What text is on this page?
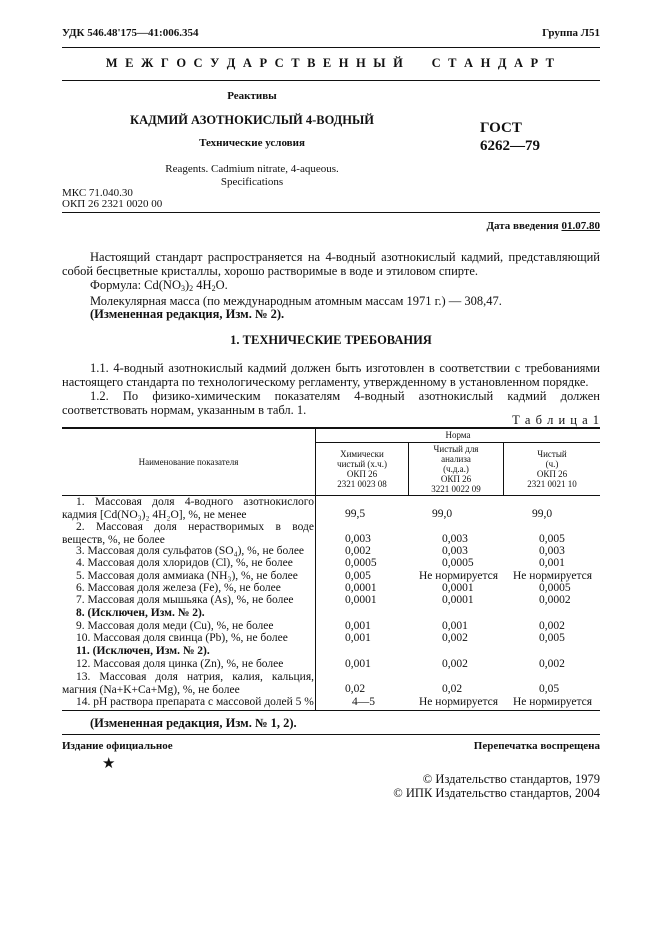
УДК 546.48'175—41:006.354	Группа Л51
М Е Ж Г О С У Д А Р С Т В Е Н Н Ы Й     С Т А Н Д А Р Т
Реактивы
КАДМИЙ АЗОТНОКИСЛЫЙ 4-ВОДНЫЙ
Технические условия
Reagents. Cadmium nitrate, 4-aqueous.
Specifications
ГОСТ
6262—79
МКС 71.040.30
ОКП 26 2321 0020 00
Дата введения 01.07.80
Настоящий стандарт распространяется на 4-водный азотнокислый кадмий, представляющий собой бесцветные кристаллы, хорошо растворимые в воде и этиловом спирте.
Формула: $Cd(NO_3)_2$ $4H_2O$.
Молекулярная масса (по международным атомным массам 1971 г.) — 308,47.
(Измененная редакция, Изм. № 2).
1. ТЕХНИЧЕСКИЕ ТРЕБОВАНИЯ
1.1. 4-водный азотнокислый кадмий должен быть изготовлен в соответствии с требованиями настоящего стандарта по технологическому регламенту, утвержденному в установленном порядке.
1.2. По физико-химическим показателям 4-водный азотнокислый кадмий должен соответствовать нормам, указанным в табл. 1.
Т а б л и ц а 1
Наименование показателя
Норма
Химически
чистый (х.ч.)
ОКП 26
2321 0023 08
Чистый для
анализа
(ч.д.а.)
ОКП 26
3221 0022 09
Чистый
(ч.)
ОКП 26
2321 0021 10
1. Массовая доля 4-водного азотнокислого кадмия [Cd(NO₃)₂ 4H₂O], %, не менее	99,5	99,0	99,0
2. Массовая доля нерастворимых в воде веществ, %, не более	0,003	0,003	0,005
3. Массовая доля сульфатов (SO₄), %, не более	0,002	0,003	0,003
4. Массовая доля хлоридов (Cl), %, не более	0,0005	0,0005	0,001
5. Массовая доля аммиака (NH₃), %, не более	0,005	Не нормируется Не нормируется
6. Массовая доля железа (Fe), %, не более	0,0001	0,0001	0,0005
7. Массовая доля мышьяка (As), %, не более	0,0001	0,0001	0,0002
8. (Исключен, Изм. № 2).
9. Массовая доля меди (Cu), %, не более	0,001	0,001	0,002
10. Массовая доля свинца (Pb), %, не более	0,001	0,002	0,005
11. (Исключен, Изм. № 2).
12. Массовая доля цинка (Zn), %, не более	0,001	0,002	0,002
13. Массовая доля натрия, калия, кальция, магния (Na+K+Ca+Mg), %, не более	0,02	0,02	0,05
14. pH раствора препарата с массовой долей 5 %	4—5	Не нормируется Не нормируется
(Измененная редакция, Изм. № 1, 2).
Издание официальное	Перепечатка воспрещена
★
© Издательство стандартов, 1979
© ИПК Издательство стандартов, 2004
